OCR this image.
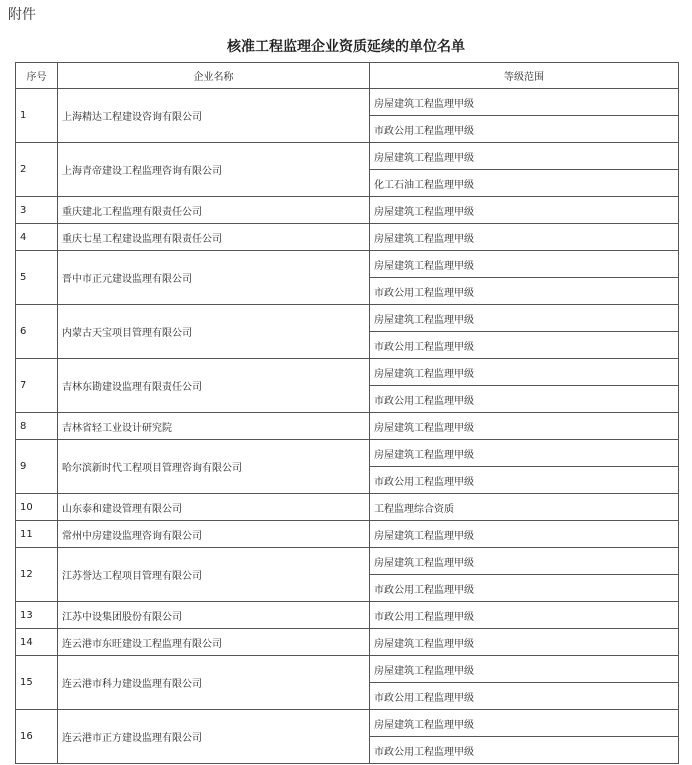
附件
核准工程监理企业资质延续的单位名单
序号	企业名称	等级范围
1	上海精达工程建设咨询有限公司	房屋建筑工程监理甲级
		市政公用工程监理甲级
2	上海青帝建设工程监理咨询有限公司	房屋建筑工程监理甲级
		化工石油工程监理甲级
3	重庆建北工程监理有限责任公司	房屋建筑工程监理甲级
4	重庆七星工程建设监理有限责任公司	房屋建筑工程监理甲级
5	晋中市正元建设监理有限公司	房屋建筑工程监理甲级
		市政公用工程监理甲级
6	内蒙古天宝项目管理有限公司	房屋建筑工程监理甲级
		市政公用工程监理甲级
7	吉林东勘建设监理有限责任公司	房屋建筑工程监理甲级
		市政公用工程监理甲级
8	吉林省轻工业设计研究院	房屋建筑工程监理甲级
9	哈尔滨新时代工程项目管理咨询有限公司	房屋建筑工程监理甲级
		市政公用工程监理甲级
10	山东泰和建设管理有限公司	工程监理综合资质
11	常州中房建设监理咨询有限公司	房屋建筑工程监理甲级
12	江苏誉达工程项目管理有限公司	房屋建筑工程监理甲级
		市政公用工程监理甲级
13	江苏中设集团股份有限公司	市政公用工程监理甲级
14	连云港市东旺建设工程监理有限公司	房屋建筑工程监理甲级
15	连云港市科力建设监理有限公司	房屋建筑工程监理甲级
		市政公用工程监理甲级
16	连云港市正方建设监理有限公司	房屋建筑工程监理甲级
		市政公用工程监理甲级
